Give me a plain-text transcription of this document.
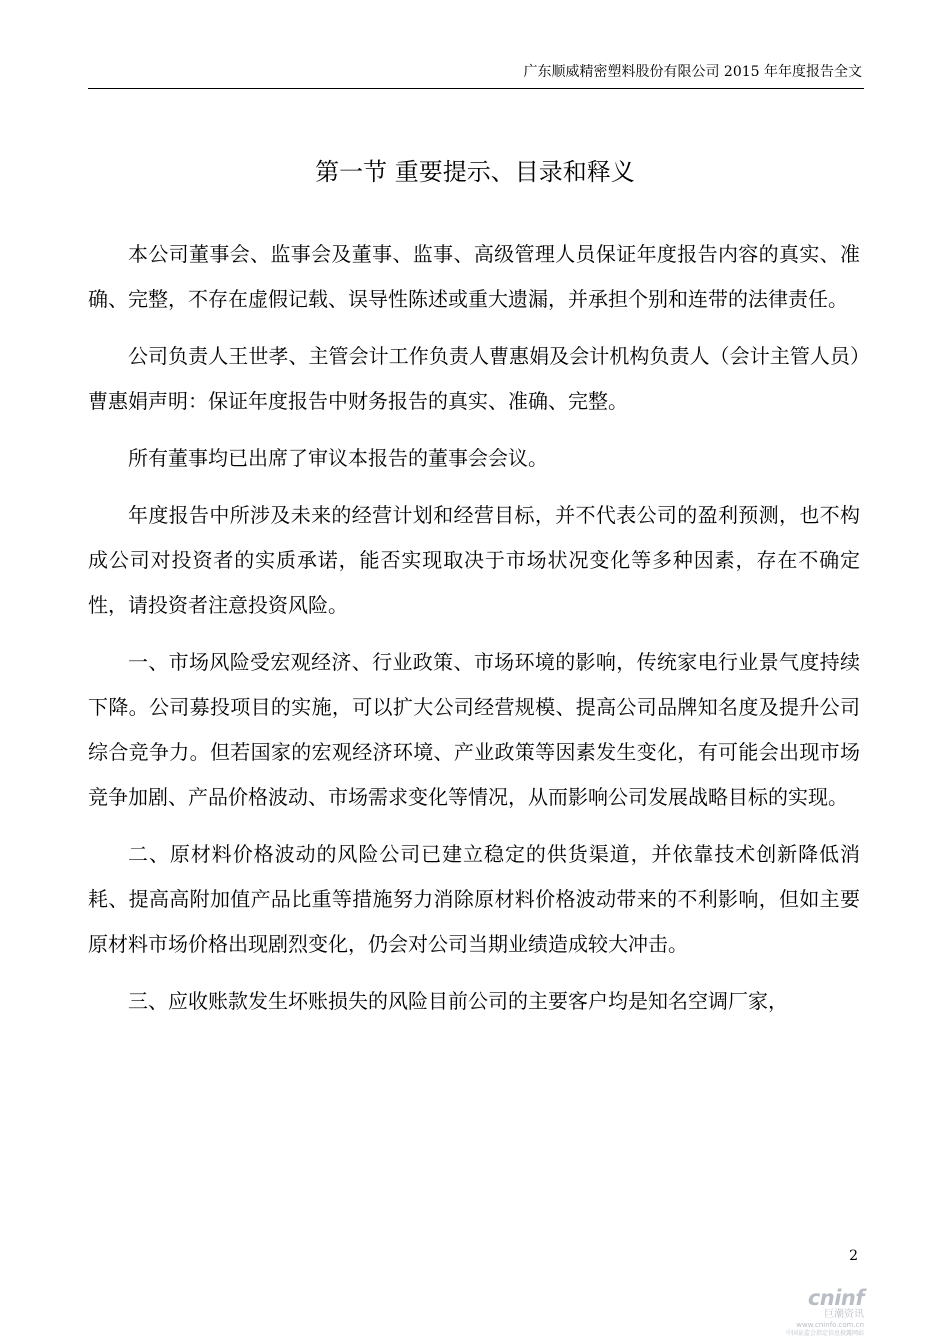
广东顺威精密塑料股份有限公司 2015 年年度报告全文
第一节 重要提示、目录和释义

本公司董事会、监事会及董事、监事、高级管理人员保证年度报告内容的真实、准确、完整，不存在虚假记载、误导性陈述或重大遗漏，并承担个别和连带的法律责任。

公司负责人王世孝、主管会计工作负责人曹惠娟及会计机构负责人（会计主管人员）曹惠娟声明：保证年度报告中财务报告的真实、准确、完整。

所有董事均已出席了审议本报告的董事会会议。

年度报告中所涉及未来的经营计划和经营目标，并不代表公司的盈利预测，也不构成公司对投资者的实质承诺，能否实现取决于市场状况变化等多种因素，存在不确定性，请投资者注意投资风险。

一、市场风险受宏观经济、行业政策、市场环境的影响，传统家电行业景气度持续下降。公司募投项目的实施，可以扩大公司经营规模、提高公司品牌知名度及提升公司综合竞争力。但若国家的宏观经济环境、产业政策等因素发生变化，有可能会出现市场竞争加剧、产品价格波动、市场需求变化等情况，从而影响公司发展战略目标的实现。

二、原材料价格波动的风险公司已建立稳定的供货渠道，并依靠技术创新降低消耗、提高高附加值产品比重等措施努力消除原材料价格波动带来的不利影响，但如主要原材料市场价格出现剧烈变化，仍会对公司当期业绩造成较大冲击。

三、应收账款发生坏账损失的风险目前公司的主要客户均是知名空调厂家，

2
cninf
巨潮资讯
www.cninfo.com.cn
中国证监会指定信息披露网站
